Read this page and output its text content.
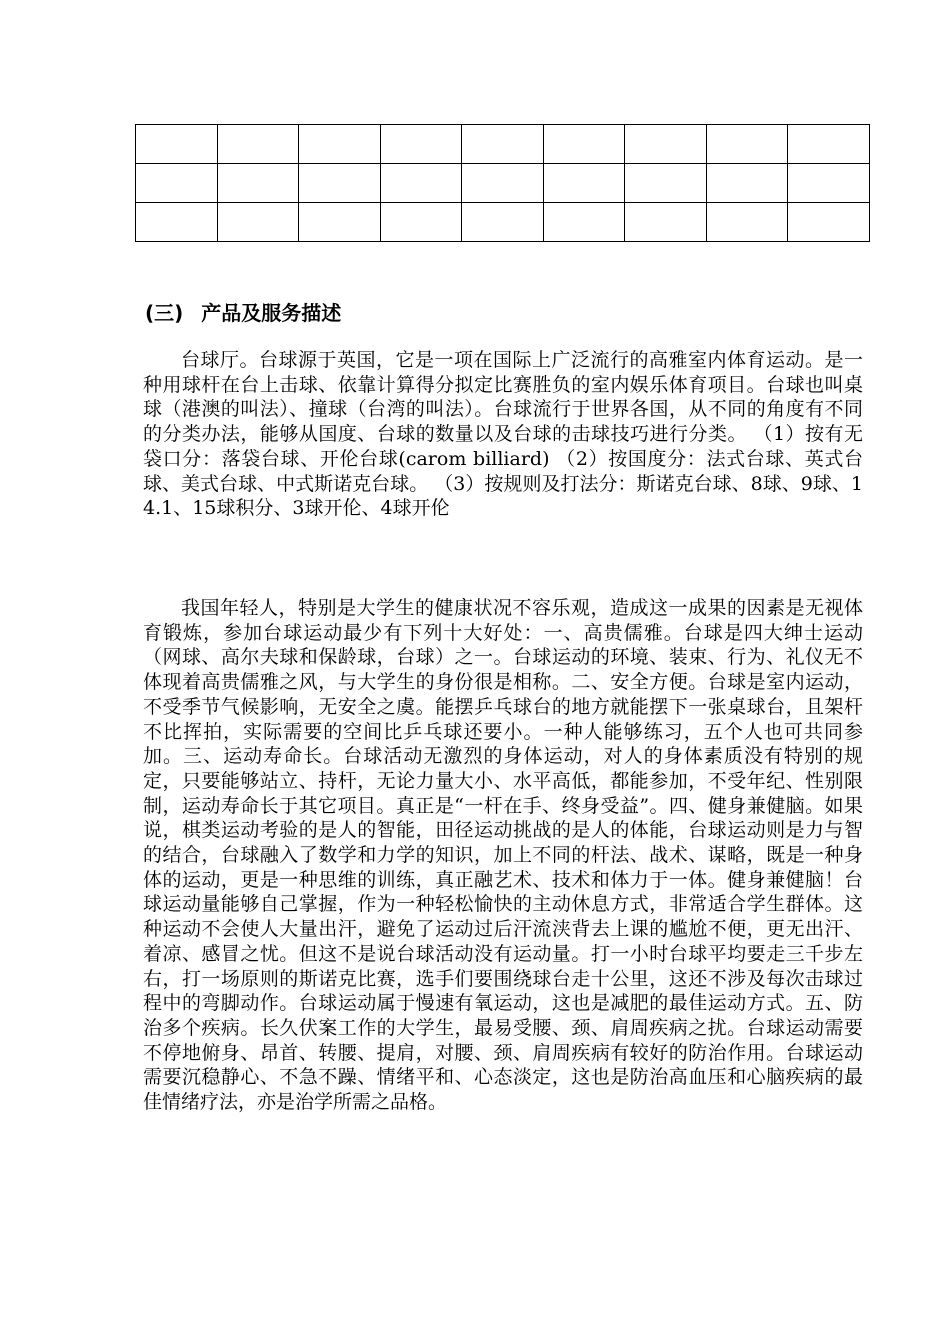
(三) 产品及服务描述

台球厅。台球源于英国，它是一项在国际上广泛流行的高雅室内体育运动。是一种用球杆在台上击球、依靠计算得分拟定比赛胜负的室内娱乐体育项目。台球也叫桌球（港澳的叫法）、撞球（台湾的叫法）。台球流行于世界各国，从不同的角度有不同的分类办法，能够从国度、台球的数量以及台球的击球技巧进行分类。 （1）按有无袋口分：落袋台球、开伦台球(carom billiard) （2）按国度分：法式台球、英式台球、美式台球、中式斯诺克台球。 （3）按规则及打法分：斯诺克台球、8球、9球、14.1、15球积分、3球开伦、4球开伦

我国年轻人，特别是大学生的健康状况不容乐观，造成这一成果的因素是无视体育锻炼，参加台球运动最少有下列十大好处：一、高贵儒雅。台球是四大绅士运动（网球、高尔夫球和保龄球，台球）之一。台球运动的环境、装束、行为、礼仪无不体现着高贵儒雅之风，与大学生的身份很是相称。二、安全方便。台球是室内运动，不受季节气候影响，无安全之虞。能摆乒乓球台的地方就能摆下一张桌球台，且架杆不比挥拍，实际需要的空间比乒乓球还要小。一种人能够练习，五个人也可共同参加。三、运动寿命长。台球活动无激烈的身体运动，对人的身体素质没有特别的规定，只要能够站立、持杆，无论力量大小、水平高低，都能参加，不受年纪、性别限制，运动寿命长于其它项目。真正是“一杆在手、终身受益”。四、健身兼健脑。如果说，棋类运动考验的是人的智能，田径运动挑战的是人的体能，台球运动则是力与智的结合，台球融入了数学和力学的知识，加上不同的杆法、战术、谋略，既是一种身体的运动，更是一种思维的训练，真正融艺术、技术和体力于一体。健身兼健脑！台球运动量能够自己掌握，作为一种轻松愉快的主动休息方式，非常适合学生群体。这种运动不会使人大量出汗，避免了运动过后汗流浃背去上课的尴尬不便，更无出汗、着凉、感冒之忧。但这不是说台球活动没有运动量。打一小时台球平均要走三千步左右，打一场原则的斯诺克比赛，选手们要围绕球台走十公里，这还不涉及每次击球过程中的弯脚动作。台球运动属于慢速有氧运动，这也是减肥的最佳运动方式。五、防治多个疾病。长久伏案工作的大学生，最易受腰、颈、肩周疾病之扰。台球运动需要不停地俯身、昂首、转腰、提肩，对腰、颈、肩周疾病有较好的防治作用。台球运动需要沉稳静心、不急不躁、情绪平和、心态淡定，这也是防治高血压和心脑疾病的最佳情绪疗法，亦是治学所需之品格。
